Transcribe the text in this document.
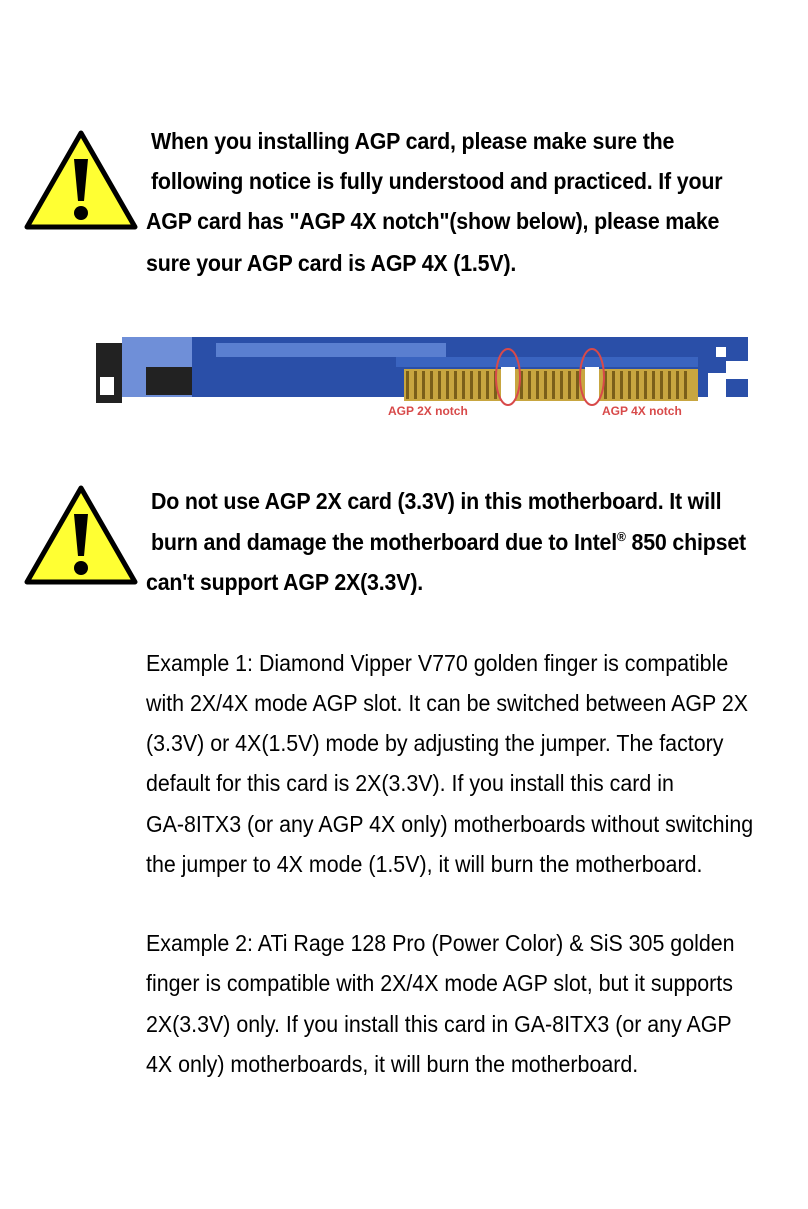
When you installing AGP card, please make sure the
following notice is fully understood and practiced. If your
AGP card has "AGP 4X notch"(show below), please make
sure your AGP card is AGP 4X (1.5V).
AGP 2X notch	AGP 4X notch
Do not use AGP 2X card (3.3V) in this motherboard. It will
burn and damage the motherboard due to Intel® 850 chipset
can't support AGP 2X(3.3V).
Example 1: Diamond Vipper V770 golden finger is compatible
with 2X/4X mode AGP slot. It can be switched between AGP 2X
(3.3V) or 4X(1.5V) mode by adjusting the jumper. The factory
default for this card is 2X(3.3V). If you install this card in
GA-8ITX3 (or any AGP 4X only) motherboards without switching
the jumper to 4X mode (1.5V), it will burn the motherboard.
Example 2: ATi Rage 128 Pro (Power Color) & SiS 305 golden
finger is compatible with 2X/4X mode AGP slot, but it supports
2X(3.3V) only. If you install this card in GA-8ITX3 (or any AGP
4X only) motherboards, it will burn the motherboard.
